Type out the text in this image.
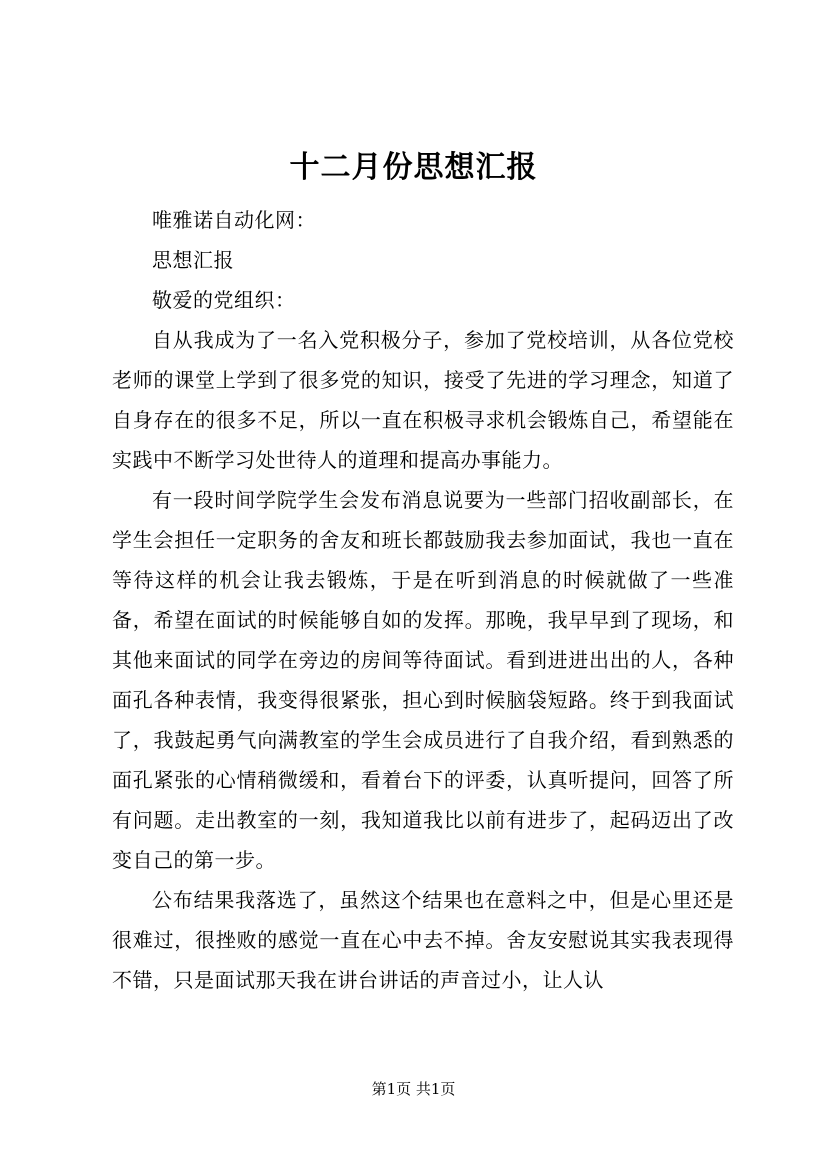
十二月份思想汇报

唯雅诺自动化网：

思想汇报

敬爱的党组织：

自从我成为了一名入党积极分子，参加了党校培训，从各位党校老师的课堂上学到了很多党的知识，接受了先进的学习理念，知道了自身存在的很多不足，所以一直在积极寻求机会锻炼自己，希望能在实践中不断学习处世待人的道理和提高办事能力。

有一段时间学院学生会发布消息说要为一些部门招收副部长，在学生会担任一定职务的舍友和班长都鼓励我去参加面试，我也一直在等待这样的机会让我去锻炼，于是在听到消息的时候就做了一些准备，希望在面试的时候能够自如的发挥。那晚，我早早到了现场，和其他来面试的同学在旁边的房间等待面试。看到进进出出的人，各种面孔各种表情，我变得很紧张，担心到时候脑袋短路。终于到我面试了，我鼓起勇气向满教室的学生会成员进行了自我介绍，看到熟悉的面孔紧张的心情稍微缓和，看着台下的评委，认真听提问，回答了所有问题。走出教室的一刻，我知道我比以前有进步了，起码迈出了改变自己的第一步。

公布结果我落选了，虽然这个结果也在意料之中，但是心里还是很难过，很挫败的感觉一直在心中去不掉。舍友安慰说其实我表现得不错，只是面试那天我在讲台讲话的声音过小，让人认

第1页 共1页
